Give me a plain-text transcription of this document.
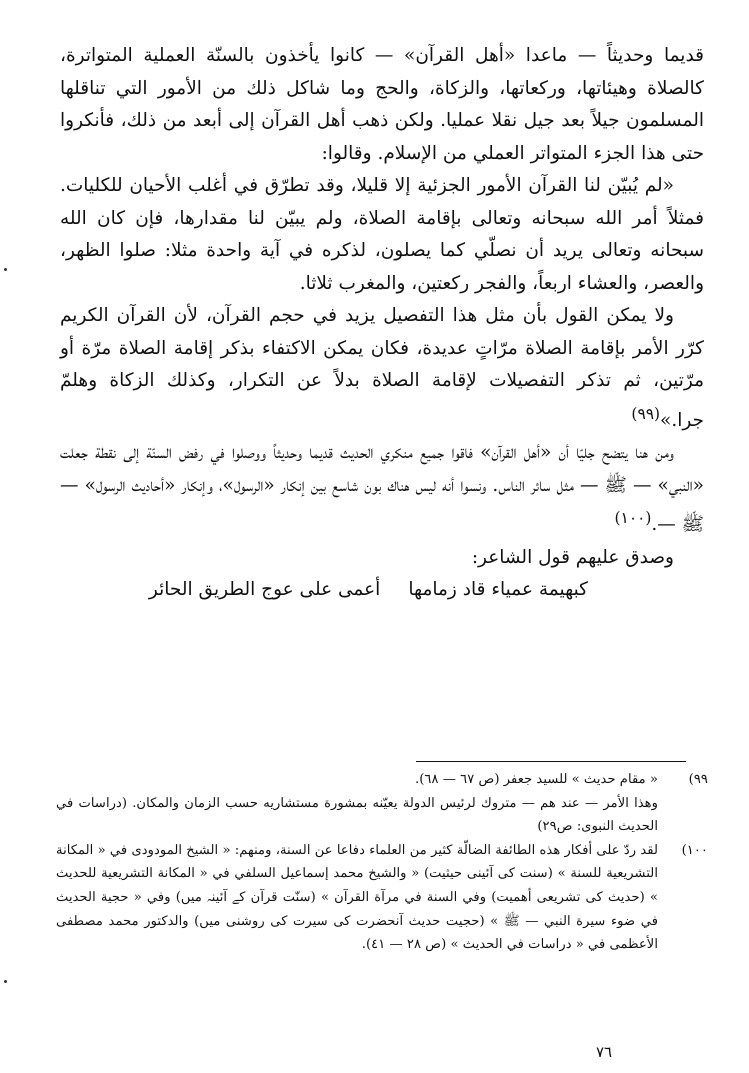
قديما وحديثاً — ماعدا «أهل القرآن» — كانوا يأخذون بالسنّة العملية المتواترة، كالصلاة وهيئاتها، وركعاتها، والزكاة، والحج وما شاكل ذلك من الأمور التي تناقلها المسلمون جيلاً بعد جيل نقلا عمليا. ولكن ذهب أهل القرآن إلى أبعد من ذلك، فأنكروا حتى هذا الجزء المتواتر العملي من الإسلام. وقالوا:

«لم يُبيّن لنا القرآن الأمور الجزئية إلا قليلا، وقد تطرّق في أغلب الأحيان للكليات. فمثلاً أمر الله سبحانه وتعالى بإقامة الصلاة، ولم يبيّن لنا مقدارها، فإن كان الله سبحانه وتعالى يريد أن نصلّي كما يصلون، لذكره في آية واحدة مثلا: صلوا الظهر، والعصر، والعشاء اربعاً، والفجر ركعتين، والمغرب ثلاثا.

ولا يمكن القول بأن مثل هذا التفصيل يزيد في حجم القرآن، لأن القرآن الكريم كرّر الأمر بإقامة الصلاة مرّاتٍ عديدة، فكان يمكن الاكتفاء بذكر إقامة الصلاة مرّة أو مرّتين، ثم تذكر التفصيلات لإقامة الصلاة بدلاً عن التكرار، وكذلك الزكاة وهلمّ جرا.»$^{(٩٩)}$

ومن هنا يتضح جليّا أن «أهل القرآن» فاقوا جميع منكري الحديث قديما وحديثاً ووصلوا في رفض السنّة إلى نقطة جعلت «النبي» — ﷺ — مثل سائر الناس. ونسوا أنه ليس هناك بون شاسع بين إنكار «الرسول»، وإنكار «أحاديث الرسول» — ﷺ —.$^{(١٠٠)}$

وصدق عليهم قول الشاعر:

كبهيمة عمياء قاد زمامهاأعمى على عوج الطريق الحائر
٩٩)

« مقام حديث » للسيد جعفر (ص ٦٧ — ٦٨).

وهذا الأمر — عند هم — متروك لرئيس الدولة يعيّنه بمشورة مستشاريه حسب الزمان والمكان. (دراسات في الحديث النبوى: ص٢٩)

١٠٠)

لقد ردّ على أفكار هذه الطائفة الضالّة كثير من العلماء دفاعا عن السنة، ومنهم: « الشيخ المودودى في « المكانة التشريعية للسنة » (سنت کی آئینی حیثیت) « والشيخ محمد إسماعيل السلفي في « المكانة التشريعية للحديث » (حدیث کی تشریعی أهميت) وفي السنة في مرآة القرآن » (سنّت قرآن کے آئینہ میں) وفي « حجية الحديث في ضوء سيرة النبي — ﷺ » (حجیت حدیث آنحضرت کی سیرت کی روشنی میں) والدكتور محمد مصطفى الأعظمى في « دراسات في الحديث » (ص ٢٨ — ٤١).

٧٦
